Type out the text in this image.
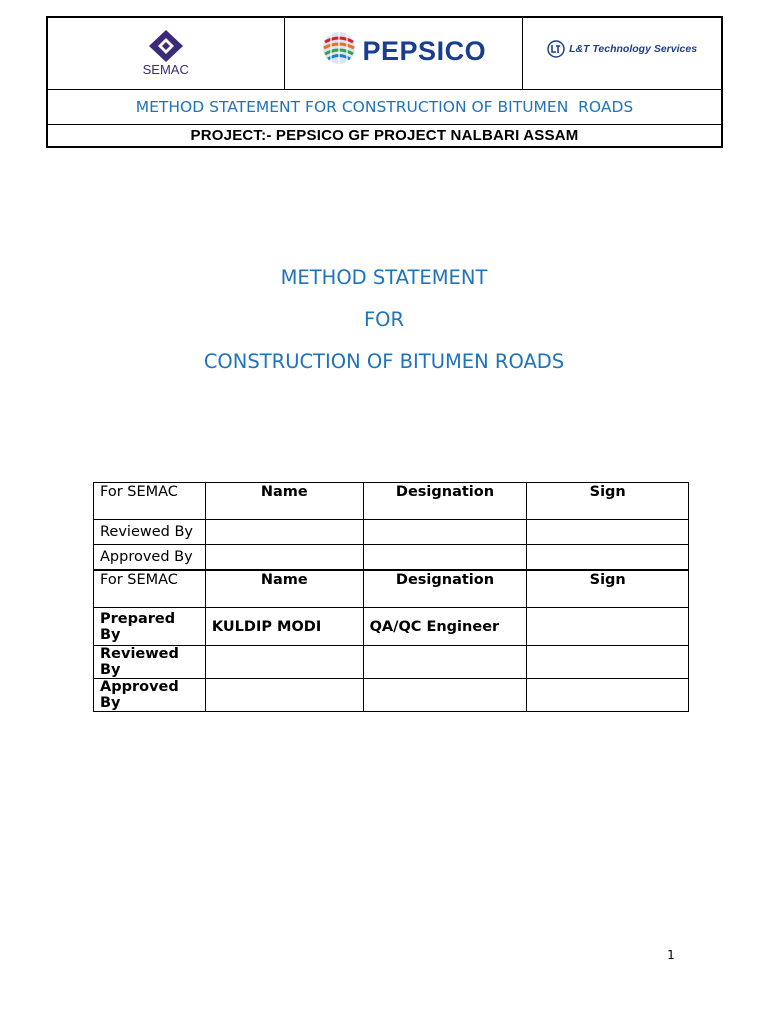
SEMAC

PEPSICO	L&T Technology Services

METHOD STATEMENT FOR CONSTRUCTION OF BITUMEN  ROADS
PROJECT:- PEPSICO GF PROJECT NALBARI ASSAM
METHOD STATEMENT
FOR
CONSTRUCTION OF BITUMEN ROADS
For SEMAC	Name	Designation	Sign
Reviewed By			
Approved By			
For SEMAC	Name	Designation	Sign
Prepared By	KULDIP MODI	QA/QC Engineer	
Reviewed By			
Approved By			
1
